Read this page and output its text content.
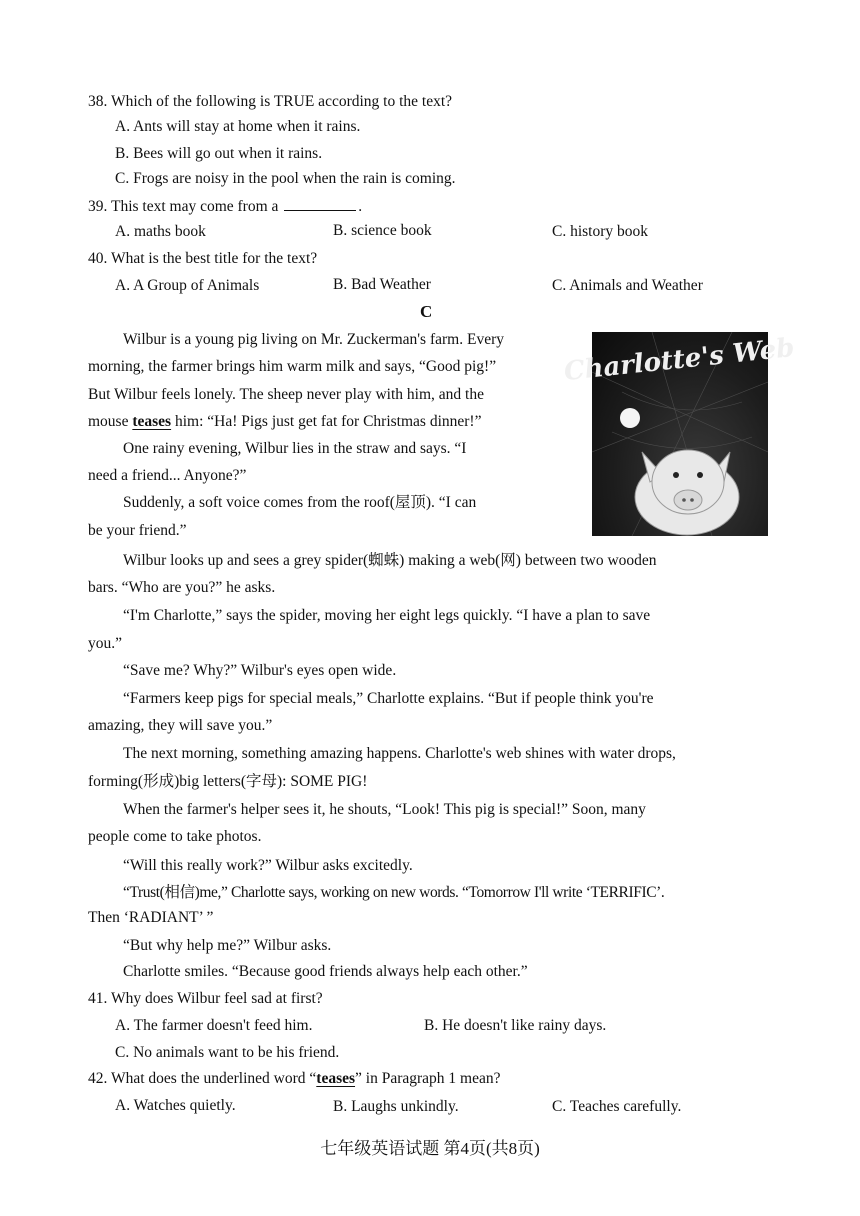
38. Which of the following is TRUE according to the text?
A. Ants will stay at home when it rains.
B. Bees will go out when it rains.
C. Frogs are noisy in the pool when the rain is coming.
39. This text may come from a	.
A. maths book	B. science book	C. history book
40. What is the best title for the text?
A. A Group of Animals	B. Bad Weather	C. Animals and Weather
C
Charlotte's Web
Wilbur is a young pig living on Mr. Zuckerman's farm. Every
morning, the farmer brings him warm milk and says, “Good pig!”
But Wilbur feels lonely. The sheep never play with him, and the
mouse teases him: “Ha! Pigs just get fat for Christmas dinner!”
One rainy evening, Wilbur lies in the straw and says. “I
need a friend... Anyone?”
Suddenly, a soft voice comes from the roof(屋顶). “I can
be your friend.”
Wilbur looks up and sees a grey spider(蜘蛛) making a web(网) between two wooden
bars. “Who are you?” he asks.
“I'm Charlotte,” says the spider, moving her eight legs quickly. “I have a plan to save
you.”
“Save me? Why?” Wilbur's eyes open wide.
“Farmers keep pigs for special meals,” Charlotte explains. “But if people think you're
amazing, they will save you.”
The next morning, something amazing happens. Charlotte's web shines with water drops,
forming(形成)big letters(字母): SOME PIG!
When the farmer's helper sees it, he shouts, “Look! This pig is special!” Soon, many
people come to take photos.
“Will this really work?” Wilbur asks excitedly.
“Trust(相信)me,” Charlotte says, working on new words. “Tomorrow I'll write ‘TERRIFIC’.
Then ‘RADIANT’ ”
“But why help me?” Wilbur asks.
Charlotte smiles. “Because good friends always help each other.”
41. Why does Wilbur feel sad at first?
A. The farmer doesn't feed him.	B. He doesn't like rainy days.
C. No animals want to be his friend.
42. What does the underlined word “teases” in Paragraph 1 mean?
A. Watches quietly.	B. Laughs unkindly.	C. Teaches carefully.
七年级英语试题 第4页(共8页)
